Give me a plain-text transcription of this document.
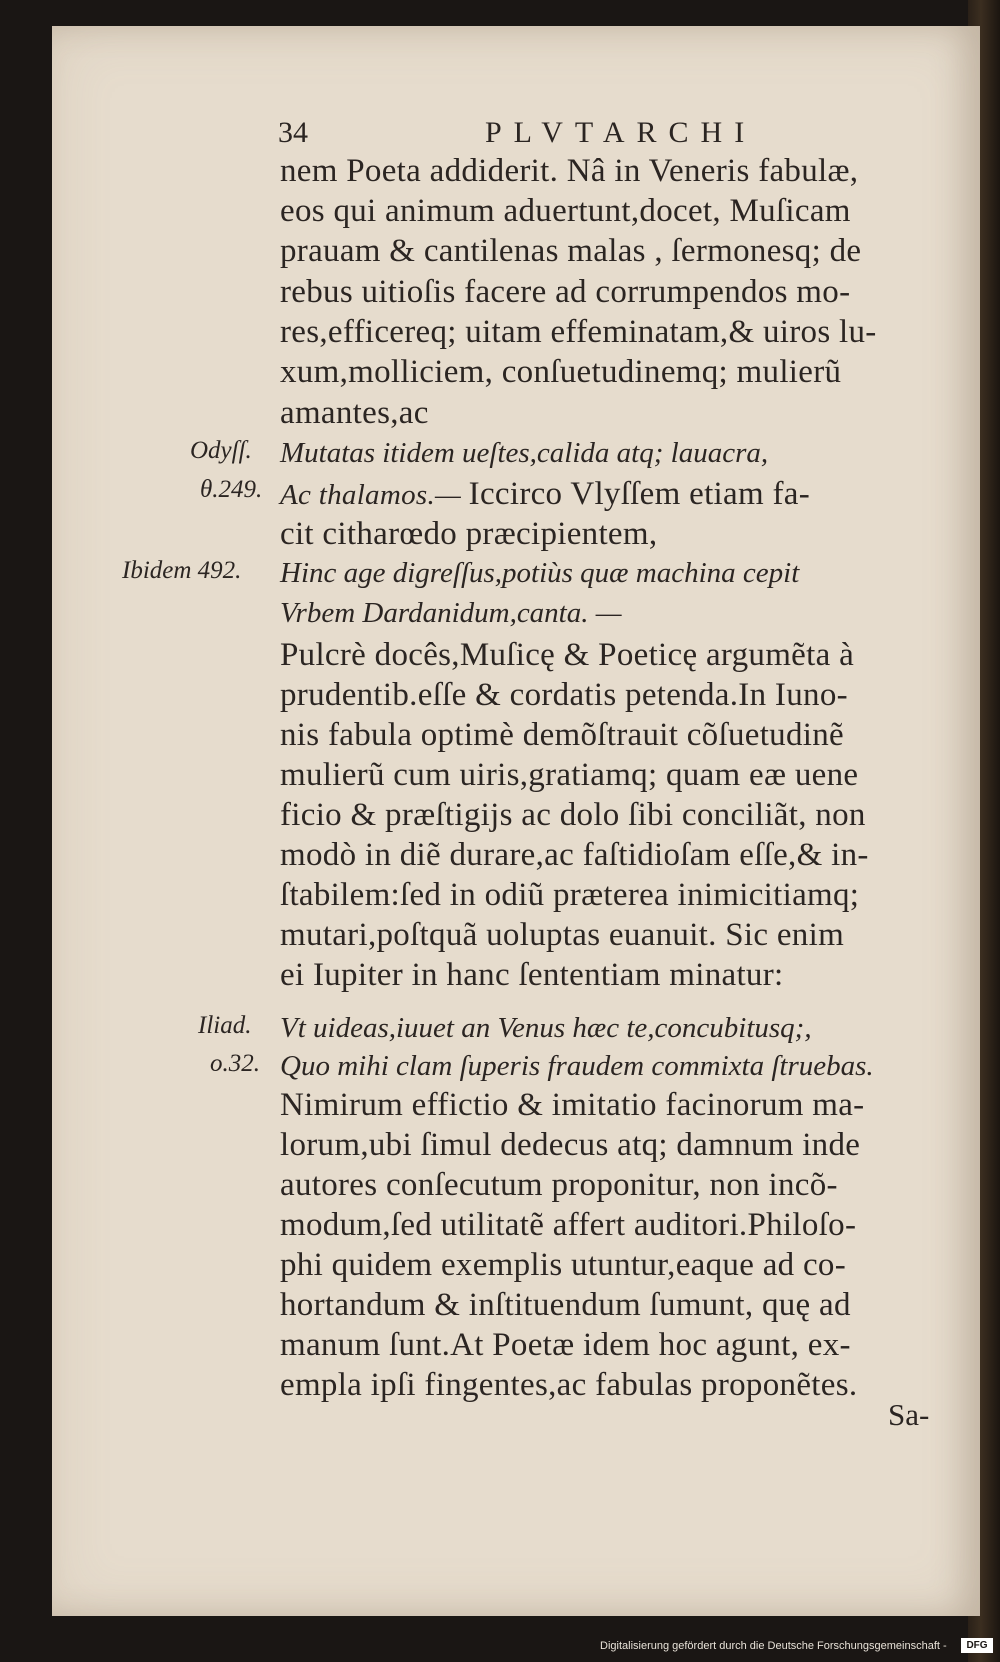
34	PLVTARCHI
nem Poeta addiderit. Nâ in Veneris fabulæ,
eos qui animum aduertunt,docet, Muſicam
prauam & cantilenas malas , ſermonesq; de
rebus uitioſis facere ad corrumpendos mo-
res,efficereq; uitam effeminatam,& uiros lu-
xum,molliciem, conſuetudinemq; mulierũ
amantes,ac
Mutatas itidem ueſtes,calida atq; lauacra,
Ac thalamos.— Iccirco Vlyſſem etiam fa-
cit citharœdo præcipientem,
Hinc age digreſſus,potiùs quæ machina cepit
Vrbem Dardanidum,canta. —
Pulcrè docês,Muſicę & Poeticę argumẽta à
prudentib.eſſe & cordatis petenda.In Iuno-
nis fabula optimè demõſtrauit cõſuetudinẽ
mulierũ cum uiris,gratiamq; quam eæ uene
ficio & præſtigijs ac dolo ſibi conciliãt, non
modò in diẽ durare,ac faſtidioſam eſſe,& in-
ſtabilem:ſed in odiũ præterea inimicitiamq;
mutari,poſtquã uoluptas euanuit. Sic enim
ei Iupiter in hanc ſententiam minatur:
Vt uideas,iuuet an Venus hæc te,concubitusq;,
Quo mihi clam ſuperis fraudem commixta ſtruebas.
Nimirum effictio & imitatio facinorum ma-
lorum,ubi ſimul dedecus atq; damnum inde
autores conſecutum proponitur, non incõ-
modum,ſed utilitatẽ affert auditori.Philoſo-
phi quidem exemplis utuntur,eaque ad co-
hortandum & inſtituendum ſumunt, quę ad
manum ſunt.At Poetæ idem hoc agunt, ex-
empla ipſi fingentes,ac fabulas proponẽtes.
Odyſſ.
θ.249.
Ibidem 492.
Iliad.
ο.32.
Sa-
Digitalisierung gefördert durch die Deutsche Forschungsgemeinschaft -	DFG
